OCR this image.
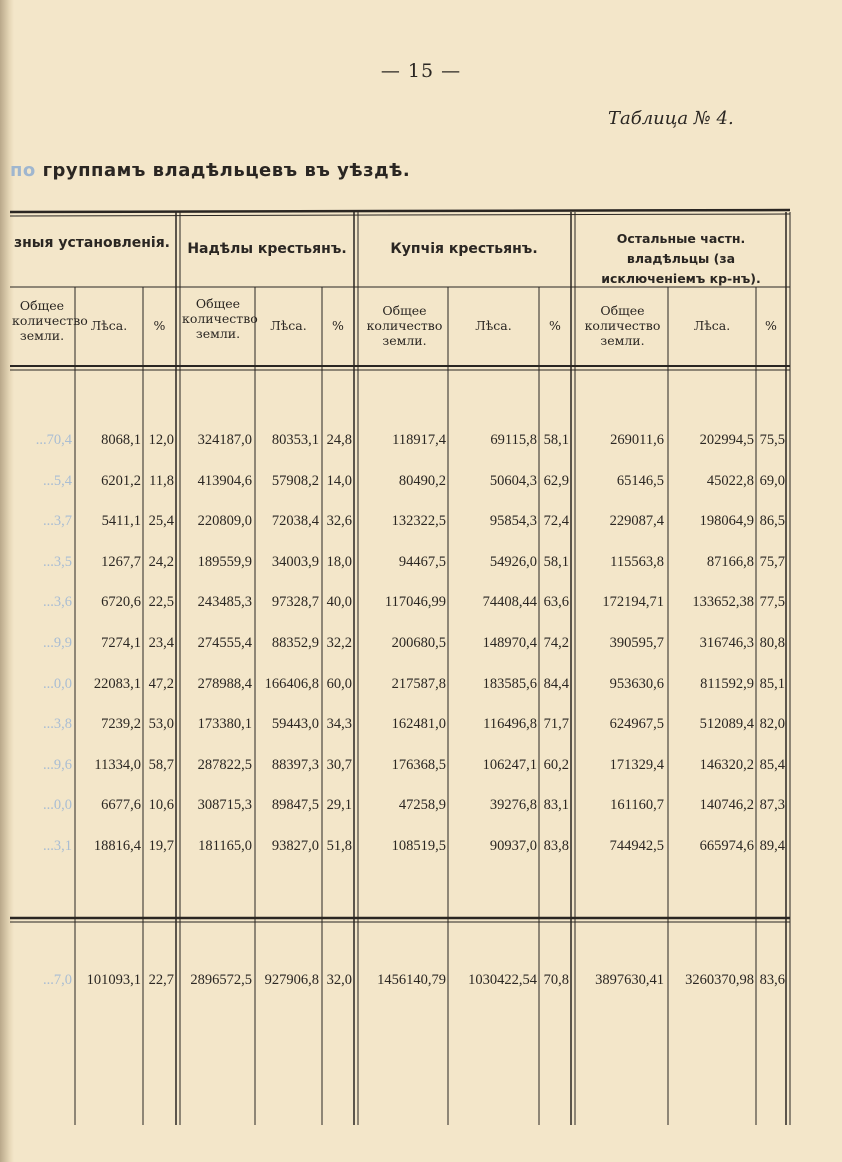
— 15 —
Таблица № 4.
по группамъ владѣльцевъ въ уѣздѣ.
зныя установленія.	Надѣлы крестьянъ.	Купчія крестьянъ.
Остальные частн. владѣльцы (за исключеніемъ кр-нъ).
Общее количество земли.
Лѣса.	%
Общее количество земли.
Лѣса.	%
Общее количество земли.
Лѣса.	%
Общее количество земли.
Лѣса.	%
...70,4	8068,1 12,0	324187,0	80353,1 24,8	118917,4	69115,8 58,1	269011,6	202994,5 75,5
...5,4	6201,2 11,8	413904,6	57908,2 14,0	80490,2	50604,3 62,9	65146,5	45022,8 69,0
...3,7	5411,1 25,4	220809,0	72038,4 32,6	132322,5	95854,3 72,4	229087,4	198064,9 86,5
...3,5	1267,7 24,2	189559,9	34003,9 18,0	94467,5	54926,0 58,1	115563,8	87166,8 75,7
...3,6	6720,6 22,5	243485,3	97328,7 40,0	117046,99	74408,44 63,6	172194,71	133652,38 77,5
...9,9	7274,1 23,4	274555,4	88352,9 32,2	200680,5	148970,4 74,2	390595,7	316746,3 80,8
...0,0	22083,1 47,2	278988,4 166406,8 60,0	217587,8	183585,6 84,4	953630,6	811592,9 85,1
...3,8	7239,2 53,0	173380,1	59443,0 34,3	162481,0	116496,8 71,7	624967,5	512089,4 82,0
...9,6	11334,0 58,7	287822,5	88397,3 30,7	176368,5	106247,1 60,2	171329,4	146320,2 85,4
...0,0	6677,6 10,6	308715,3	89847,5 29,1	47258,9	39276,8 83,1	161160,7	140746,2 87,3
...3,1	18816,4 19,7	181165,0	93827,0 51,8	108519,5	90937,0 83,8	744942,5	665974,6 89,4
...7,0	101093,1 22,7	2896572,5 927906,8 32,0	1456140,79	1030422,54 70,8	3897630,41	3260370,98 83,6
